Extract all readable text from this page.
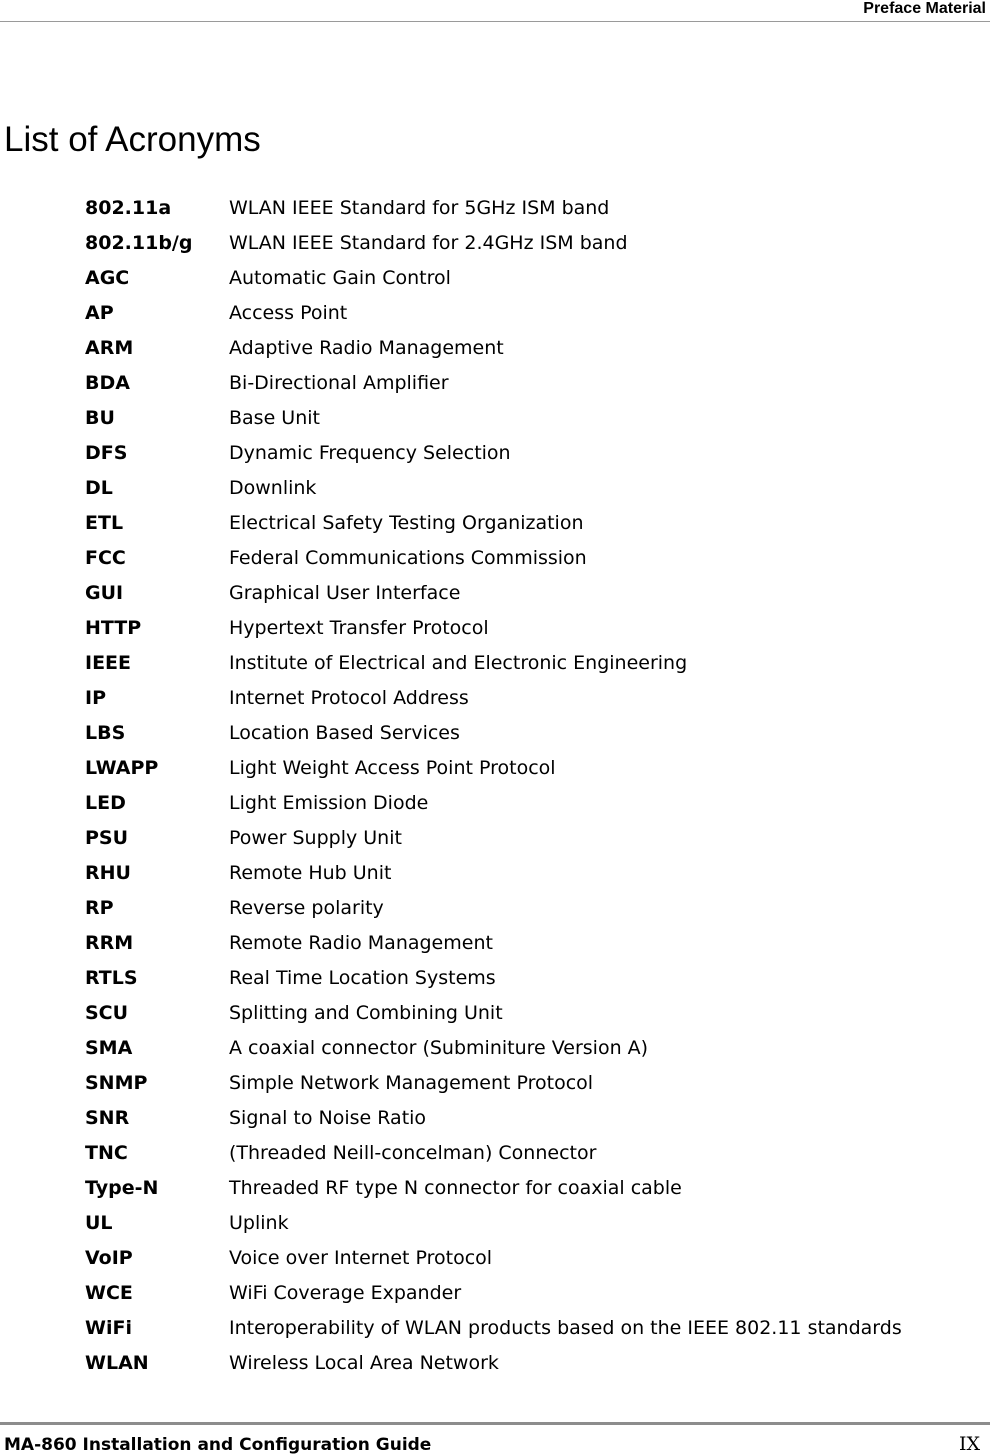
Preface Material
List of Acronyms
802.11a	WLAN IEEE Standard for 5GHz ISM band
802.11b/g	WLAN IEEE Standard for 2.4GHz ISM band
AGC	Automatic Gain Control
AP	Access Point
ARM	Adaptive Radio Management
BDA	Bi-Directional Amplifier
BU	Base Unit
DFS	Dynamic Frequency Selection
DL	Downlink
ETL	Electrical Safety Testing Organization
FCC	Federal Communications Commission
GUI	Graphical User Interface
HTTP	Hypertext Transfer Protocol
IEEE	Institute of Electrical and Electronic Engineering
IP	Internet Protocol Address
LBS	Location Based Services
LWAPP	Light Weight Access Point Protocol
LED	Light Emission Diode
PSU	Power Supply Unit
RHU	Remote Hub Unit
RP	Reverse polarity
RRM	Remote Radio Management
RTLS	Real Time Location Systems
SCU	Splitting and Combining Unit
SMA	A coaxial connector (Subminiture Version A)
SNMP	Simple Network Management Protocol
SNR	Signal to Noise Ratio
TNC	(Threaded Neill-concelman) Connector
Type-N	Threaded RF type N connector for coaxial cable
UL	Uplink
VoIP	Voice over Internet Protocol
WCE	WiFi Coverage Expander
WiFi	Interoperability of WLAN products based on the IEEE 802.11 standards
WLAN	Wireless Local Area Network
MA-860 Installation and Configuration Guide	IX
